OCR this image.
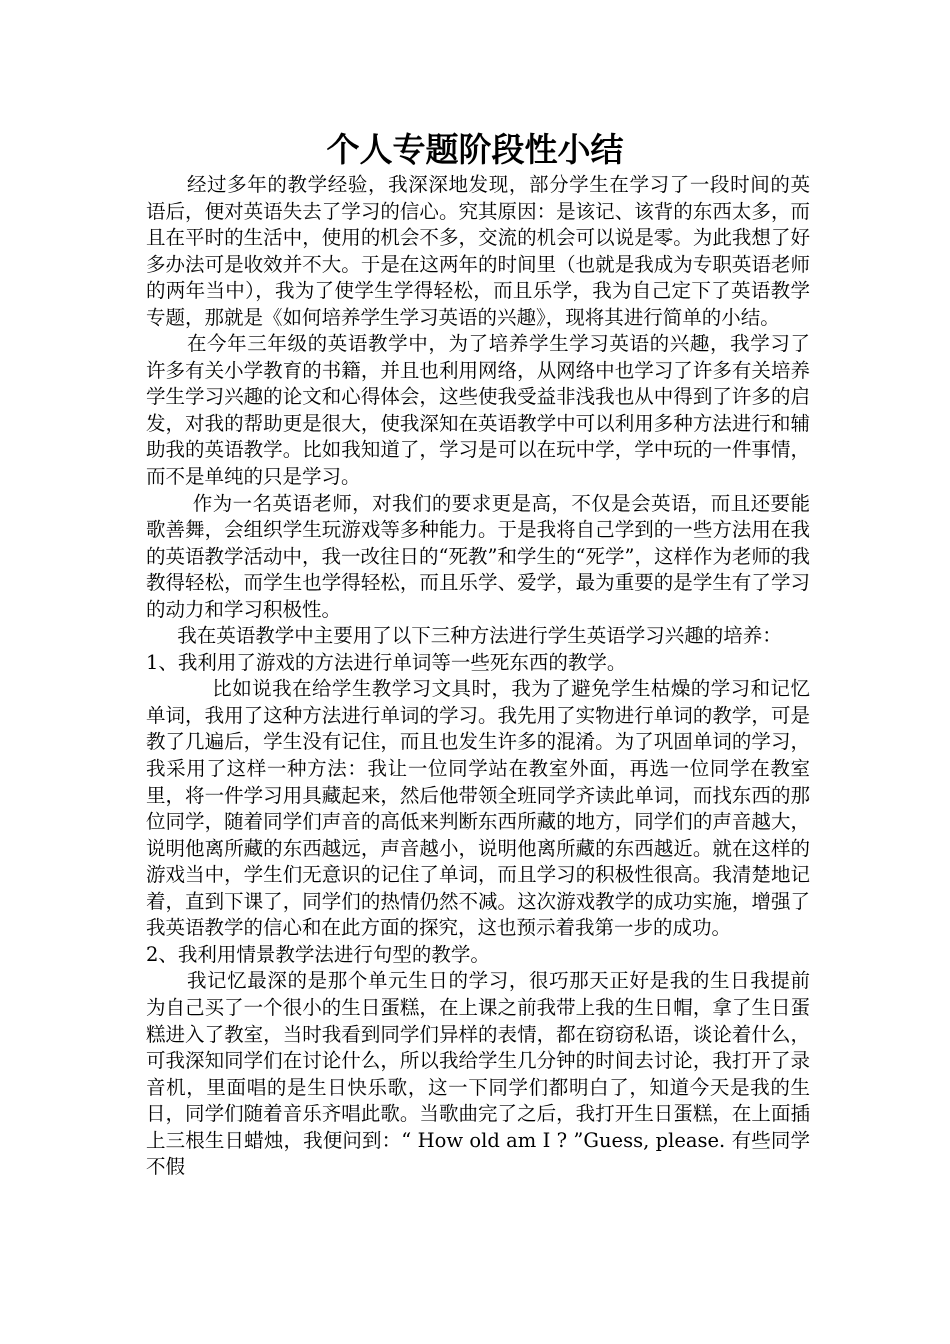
个人专题阶段性小结

经过多年的教学经验，我深深地发现，部分学生在学习了一段时间的英语后，便对英语失去了学习的信心。究其原因：是该记、该背的东西太多，而且在平时的生活中，使用的机会不多，交流的机会可以说是零。为此我想了好多办法可是收效并不大。于是在这两年的时间里（也就是我成为专职英语老师的两年当中），我为了使学生学得轻松，而且乐学，我为自己定下了英语教学专题，那就是《如何培养学生学习英语的兴趣》，现将其进行简单的小结。

在今年三年级的英语教学中，为了培养学生学习英语的兴趣，我学习了许多有关小学教育的书籍，并且也利用网络，从网络中也学习了许多有关培养学生学习兴趣的论文和心得体会，这些使我受益非浅我也从中得到了许多的启发，对我的帮助更是很大，使我深知在英语教学中可以利用多种方法进行和辅助我的英语教学。比如我知道了，学习是可以在玩中学，学中玩的一件事情，而不是单纯的只是学习。

作为一名英语老师，对我们的要求更是高，不仅是会英语，而且还要能歌善舞，会组织学生玩游戏等多种能力。于是我将自己学到的一些方法用在我的英语教学活动中，我一改往日的“死教”和学生的“死学”，这样作为老师的我教得轻松，而学生也学得轻松，而且乐学、爱学，最为重要的是学生有了学习的动力和学习积极性。

我在英语教学中主要用了以下三种方法进行学生英语学习兴趣的培养：

1、我利用了游戏的方法进行单词等一些死东西的教学。

比如说我在给学生教学习文具时，我为了避免学生枯燥的学习和记忆单词，我用了这种方法进行单词的学习。我先用了实物进行单词的教学，可是教了几遍后，学生没有记住，而且也发生许多的混淆。为了巩固单词的学习，我采用了这样一种方法：我让一位同学站在教室外面，再选一位同学在教室里，将一件学习用具藏起来，然后他带领全班同学齐读此单词，而找东西的那位同学，随着同学们声音的高低来判断东西所藏的地方，同学们的声音越大，说明他离所藏的东西越远，声音越小，说明他离所藏的东西越近。就在这样的游戏当中，学生们无意识的记住了单词，而且学习的积极性很高。我清楚地记着，直到下课了，同学们的热情仍然不减。这次游戏教学的成功实施，增强了我英语教学的信心和在此方面的探究，这也预示着我第一步的成功。

2、我利用情景教学法进行句型的教学。

我记忆最深的是那个单元生日的学习，很巧那天正好是我的生日我提前为自己买了一个很小的生日蛋糕，在上课之前我带上我的生日帽，拿了生日蛋糕进入了教室，当时我看到同学们异样的表情，都在窃窃私语，谈论着什么，可我深知同学们在讨论什么，所以我给学生几分钟的时间去讨论，我打开了录音机，里面唱的是生日快乐歌，这一下同学们都明白了，知道今天是我的生日，同学们随着音乐齐唱此歌。当歌曲完了之后，我打开生日蛋糕，在上面插上三根生日蜡烛，我便问到：“ How old am I ? ”Guess, please. 有些同学不假
